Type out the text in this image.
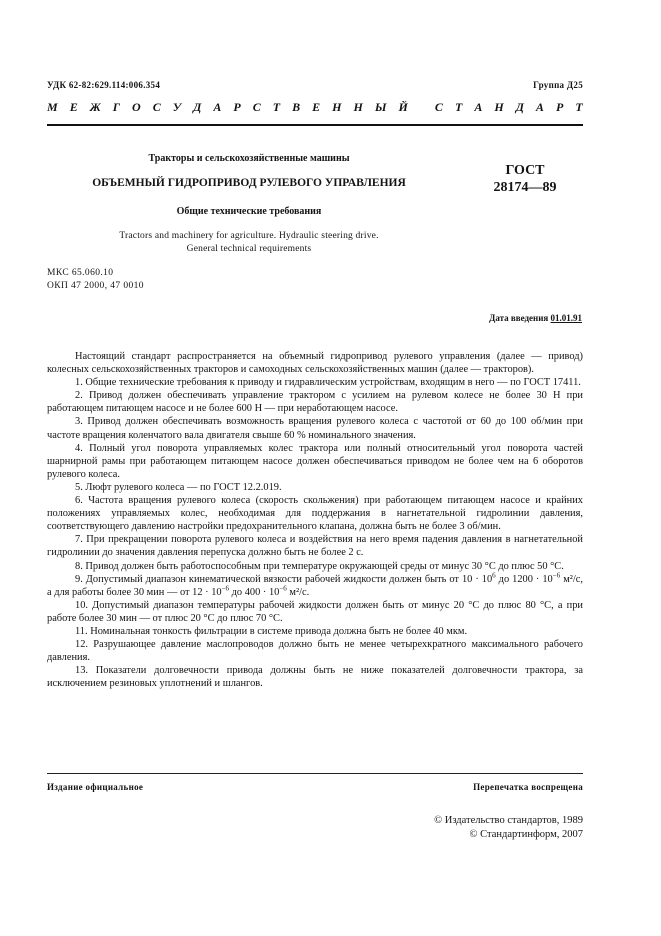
УДК 62-82:629.114:006.354	Группа Д25
М Е Ж Г О С У Д А Р С Т В Е Н Н Ы Й
С Т А Н Д А Р Т
Тракторы и сельскохозяйственные машины
ОБЪЕМНЫЙ ГИДРОПРИВОД РУЛЕВОГО УПРАВЛЕНИЯ
Общие технические требования
Tractors and machinery for agriculture. Hydraulic steering drive.
General technical requirements
ГОСТ
28174—89
МКС 65.060.10
ОКП 47 2000, 47 0010
Дата введения 01.01.91

Настоящий стандарт распространяется на объемный гидропривод рулевого управления (далее — привод) колесных сельскохозяйственных тракторов и самоходных сельскохозяйственных машин (далее — тракторов).

1. Общие технические требования к приводу и гидравлическим устройствам, входящим в него — по ГОСТ 17411.

2. Привод должен обеспечивать управление трактором с усилием на рулевом колесе не более 30 Н при работающем питающем насосе и не более 600 Н — при неработающем насосе.

3. Привод должен обеспечивать возможность вращения рулевого колеса с частотой от 60 до 100 об/мин при частоте вращения коленчатого вала двигателя свыше 60 % номинального значения.

4. Полный угол поворота управляемых колес трактора или полный относительный угол поворота частей шарнирной рамы при работающем питающем насосе должен обеспечиваться приводом не более чем на 6 оборотов рулевого колеса.

5. Люфт рулевого колеса — по ГОСТ 12.2.019.

6. Частота вращения рулевого колеса (скорость скольжения) при работающем питающем насосе и крайних положениях управляемых колес, необходимая для поддержания в нагнетательной гидролинии давления, соответствующего давлению настройки предохранительного клапана, должна быть не более 3 об/мин.

7. При прекращении поворота рулевого колеса и воздействия на него время падения давления в нагнетательной гидролинии до значения давления перепуска должно быть не более 2 с.

8. Привод должен быть работоспособным при температуре окружающей среды от минус 30 °С до плюс 50 °С.

9. Допустимый диапазон кинематической вязкости рабочей жидкости должен быть от $10 \cdot 10^6$ до $1200 \cdot 10^{-6}$ м²/с, а для работы более 30 мин — от $12 \cdot 10^{-6}$ до $400 \cdot 10^{-6}$ м²/с.

10. Допустимый диапазон температуры рабочей жидкости должен быть от минус 20 °С до плюс 80 °С, а при работе более 30 мин — от плюс 20 °С до плюс 70 °С.

11. Номинальная тонкость фильтрации в системе привода должна быть не более 40 мкм.

12. Разрушающее давление маслопроводов должно быть не менее четырехкратного максимального рабочего давления.

13. Показатели долговечности привода должны быть не ниже показателей долговечности трактора, за исключением резиновых уплотнений и шлангов.

Издание официальное	Перепечатка воспрещена
© Издательство стандартов, 1989
© Стандартинформ, 2007
